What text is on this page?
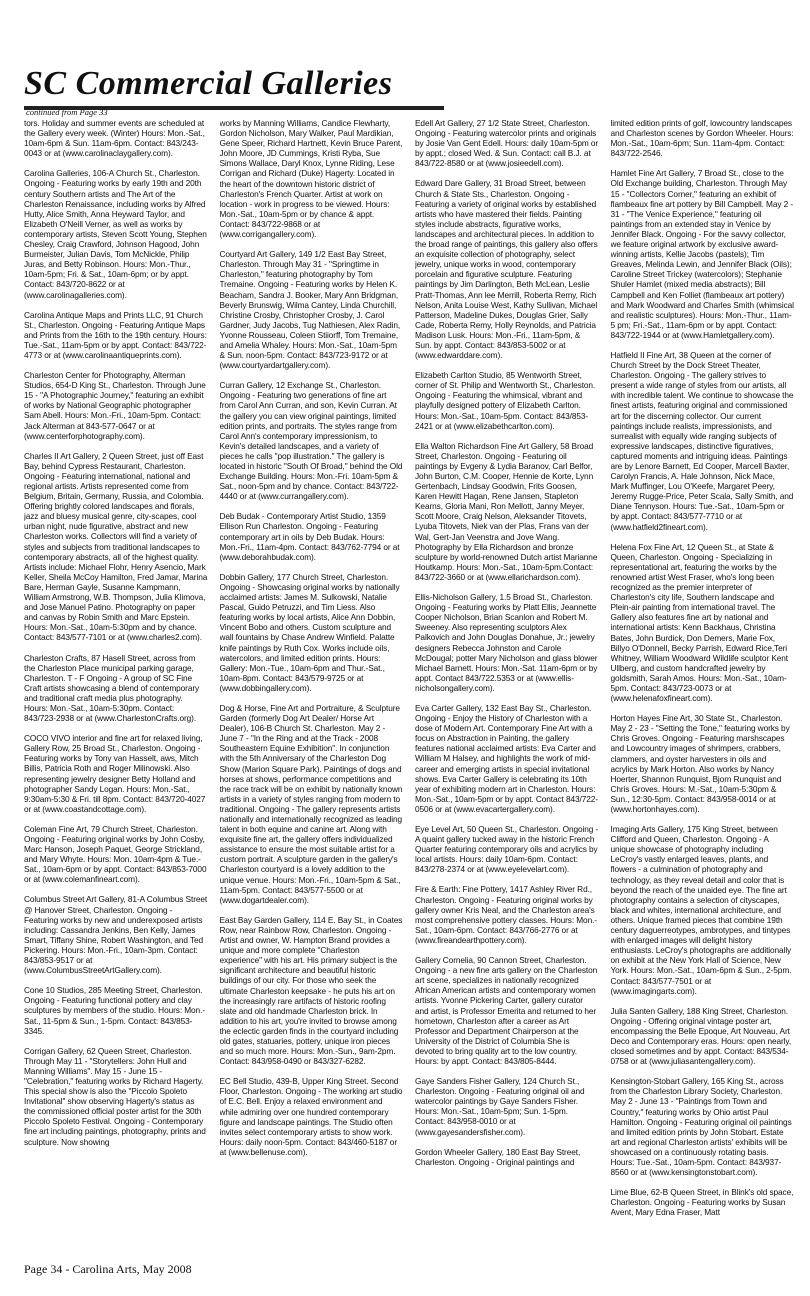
SC Commercial Galleries
continued from Page 33

tors. Holiday and summer events are scheduled at the Gallery every week. (Winter) Hours: Mon.-Sat., 10am-6pm & Sun. 11am-6pm. Contact: 843/243-0043 or at (www.carolinaclaygallery.com).

Carolina Galleries, 106-A Church St., Charleston. Ongoing - Featuring works by early 19th and 20th century Southern artists and The Art of the Charleston Renaissance, including works by Alfred Hutty, Alice Smith, Anna Heyward Taylor, and Elizabeth O'Neill Verner, as well as works by contemporary artists, Steven Scott Young, Stephen Chesley, Craig Crawford, Johnson Hagood, John Burmeister, Julian Davis, Tom McNickle, Philip Juras, and Betty Robinson. Hours: Mon.-Thur., 10am-5pm; Fri. & Sat., 10am-6pm; or by appt. Contact: 843/720-8622 or at (www.carolinagalleries.com).

Carolina Antique Maps and Prints LLC, 91 Church St., Charleston. Ongoing - Featuring Antique Maps and Prints from the 16th to the 19th century. Hours: Tue.-Sat., 11am-5pm or by appt. Contact: 843/722-4773 or at (www.carolinaantiqueprints.com).

Charleston Center for Photography, Alterman Studios, 654-D King St., Charleston. Through June 15 - "A Photographic Journey," featuring an exhibit of works by National Geographic photographer Sam Abell. Hours: Mon.-Fri., 10am-5pm. Contact: Jack Alterman at 843-577-0647 or at (www.centerforphotography.com).

Charles II Art Gallery, 2 Queen Street, just off East Bay, behind Cypress Restaurant, Charleston. Ongoing - Featuring international, national and regional artists. Artists represented come from Belgium, Britain, Germany, Russia, and Colombia. Offering brightly colored landscapes and florals, jazz and bluesy musical genre, city-scapes, cool urban night, nude figurative, abstract and new Charleston works. Collectors will find a variety of styles and subjects from traditional landscapes to contemporary abstracts, all of the highest quality. Artists include: Michael Flohr, Henry Asencio, Mark Keller, Sheila McCoy Hamilton, Fred Jamar, Marina Bare, Herman Gayle, Susanne Kampmann, William Armstrong, W.B. Thompson, Julia Klimova, and Jose Manuel Patino. Photography on paper and canvas by Robin Smith and Marc Epstein. Hours: Mon.-Sat., 10am-5:30pm and by chance. Contact: 843/577-7101 or at (www.charles2.com).

Charleston Crafts, 87 Hasell Street, across from the Charleston Place municipal parking garage, Charleston. T - F Ongoing - A group of SC Fine Craft artists showcasing a blend of contemporary and traditional craft media plus photography. Hours: Mon.-Sat., 10am-5:30pm. Contact: 843/723-2938 or at (www.CharlestonCrafts.org).

COCO VIVO interior and fine art for relaxed living, Gallery Row, 25 Broad St., Charleston. Ongoing - Featuring works by Tony van Hasselt, aws, Mitch Billis, Patricia Roth and Roger Milinowski. Also representing jewelry designer Betty Holland and photographer Sandy Logan. Hours: Mon.-Sat., 9:30am-5:30 & Fri. till 8pm. Contact: 843/720-4027 or at (www.coastandcottage.com).

Coleman Fine Art, 79 Church Street, Charleston. Ongoing - Featuring original works by John Cosby, Marc Hanson, Joseph Paquet, George Strickland, and Mary Whyte. Hours: Mon. 10am-4pm & Tue.-Sat., 10am-6pm or by appt. Contact: 843/853-7000 or at (www.colemanfineart.com).

Columbus Street Art Gallery, 81-A Columbus Street @ Hanover Street, Charleston. Ongoing - Featuring works by new and underexposed artists including: Cassandra Jenkins, Ben Kelly, James Smart, Tiffany Shine, Robert Washington, and Ted Pickering. Hours: Mon.-Fri., 10am-3pm. Contact: 843/853-9517 or at (www.ColumbusStreetArtGallery.com).

Cone 10 Studios, 285 Meeting Street, Charleston. Ongoing - Featuring functional pottery and clay sculptures by members of the studio. Hours: Mon.-Sat., 11-5pm & Sun., 1-5pm. Contact: 843/853-3345.

Corrigan Gallery, 62 Queen Street, Charleston. Through May 11 - "Storytellers: John Hull and Manning Williams". May 15 - June 15 - "Celebration," featuring works by Richard Hagerty. This special show is also the "Piccolo Spoleto Invitational" show observing Hagerty's status as the commissioned official poster artist for the 30th Piccolo Spoleto Festival. Ongoing - Contemporary fine art including paintings, photography, prints and sculpture. Now showing

works by Manning Williams, Candice Flewharty, Gordon Nicholson, Mary Walker, Paul Mardikian, Gene Speer, Richard Hartnett, Kevin Bruce Parent, John Moore, JD Cummings, Kristi Ryba, Sue Simons Wallace, Daryl Knox, Lynne Riding, Lese Corrigan and Richard (Duke) Hagerty. Located in the heart of the downtown historic district of Charleston's French Quarter. Artist at work on location - work in progress to be viewed. Hours: Mon.-Sat., 10am-5pm or by chance & appt. Contact: 843/722-9868 or at (www.corrigangallery.com).

Courtyard Art Gallery, 149 1/2 East Bay Street, Charleston. Through May 31 - "Springtime in Charleston," featuring photography by Tom Tremaine. Ongoing - Featuring works by Helen K. Beacham, Sandra J. Booker, Mary Ann Bridgman, Beverly Brunswig, Wilma Cantey, Linda Churchill, Christine Crosby, Christopher Crosby, J. Carol Gardner, Judy Jacobs, Tug Nathiesen, Alex Radin, Yvonne Rousseau, Coleen Stiiorff, Tom Tremaine, and Amelia Whaley. Hours: Mon.-Sat., 10am-5pm & Sun. noon-5pm. Contact: 843/723-9172 or at (www.courtyardartgallery.com).

Curran Gallery, 12 Exchange St., Charleston. Ongoing - Featuring two generations of fine art from Carol Ann Curran, and son, Kevin Curran. At the gallery you can view original paintings, limited edition prints, and portraits. The styles range from Carol Ann's contemporary impressionism, to Kevin's detailed landscapes, and a variety of pieces he calls "pop illustration." The gallery is located in historic "South Of Broad," behind the Old Exchange Building. Hours: Mon.-Fri. 10am-5pm & Sat., noon-5pm and by chance. Contact: 843/722-4440 or at (www.currangallery.com).

Deb Budak - Contemporary Artist Studio, 1359 Ellison Run Charleston. Ongoing - Featuring contemporary art in oils by Deb Budak. Hours: Mon.-Fri., 11am-4pm. Contact: 843/762-7794 or at (www.deborahbudak.com).

Dobbin Gallery, 177 Church Street, Charleston. Ongoing - Showcasing original works by nationally acclaimed artists: James M. Sulkowski, Natalie Pascal, Guido Petruzzi, and Tim Liess. Also featuring works by local artists, Alice Ann Dobbin, Vincent Bobo and others. Custom sculpture and wall fountains by Chase Andrew Winfield. Palatte knife paintings by Ruth Cox. Works include oils, watercolors, and limited edition prints. Hours: Gallery: Mon.-Tue., 10am-6pm and Thur.-Sat., 10am-8pm. Contact: 843/579-9725 or at (www.dobbingallery.com).

Dog & Horse, Fine Art and Portraiture, & Sculpture Garden (formerly Dog Art Dealer/ Horse Art Dealer), 106-B Church St. Charleston. May 2 - June 7 - "In the Ring and at the Track - 2008 Southeastern Equine Exhibition". In conjunction with the 5th Anniversary of the Charleston Dog Show (Marion Square Park). Paintings of dogs and horses at shows, performance competitions and the race track will be on exhibit by nationally known artists in a variety of styles ranging from modern to traditional. Ongoing - The gallery represents artists nationally and internationally recognized as leading talent in both equine and canine art. Along with exquisite fine art, the gallery offers individualized assistance to ensure the most suitable artist for a custom portrait. A sculpture garden in the gallery's Charleston courtyard is a lovely addition to the unique venue. Hours: Mon.-Fri., 10am-5pm & Sat., 11am-5pm. Contact: 843/577-5500 or at (www.dogartdealer.com).

East Bay Garden Gallery, 114 E. Bay St., in Coates Row, near Rainbow Row, Charleston. Ongoing - Artist and owner, W. Hampton Brand provides a unique and more complete "Charleston experience" with his art. His primary subject is the significant architecture and beautiful historic buildings of our city. For those who seek the ultimate Charleston keepsake - he puts his art on the increasingly rare artifacts of historic roofing slate and old handmade Charleston brick. In addition to his art, you're invited to browse among the eclectic garden finds in the courtyard including old gates, statuaries, pottery, unique iron pieces and so much more. Hours: Mon.-Sun., 9am-2pm. Contact: 843/958-0490 or 843/327-6282.

EC Bell Studio, 439-B, Upper King Street. Second Floor, Charleston. Ongoing - The working art studio of E.C. Bell. Enjoy a relaxed environment and while admiring over one hundred contemporary figure and landscape paintings. The Studio often invites select contemporary artists to show work. Hours: daily noon-5pm. Contact: 843/460-5187 or at (www.bellenuse.com).

Edell Art Gallery, 27 1/2 State Street, Charleston. Ongoing - Featuring watercolor prints and originals by Josie Van Gent Edell. Hours: daily 10am-5pm or by appt.; closed Wed. & Sun. Contact: call B.J. at 843/722-8580 or at (www.josieedell.com).

Edward Dare Gallery, 31 Broad Street, between Church & State Sts., Charleston. Ongoing - Featuring a variety of original works by established artists who have mastered their fields. Painting styles include abstracts, figurative works, landscapes and architectural pieces. In addition to the broad range of paintings, this gallery also offers an exquisite collection of photography, select jewelry, unique works in wood, contemporary porcelain and figurative sculpture. Featuring paintings by Jim Darlington, Beth McLean, Leslie Pratt-Thomas, Ann lee Merrill, Roberta Remy, Rich Nelson, Anita Louise West, Kathy Sullivan, Michael Patterson, Madeline Dukes, Douglas Grier, Sally Cade, Roberta Remy, Holly Reynolds, and Patricia Madison Lusk. Hours: Mon.-Fri., 11am-5pm, & Sun. by appt. Contact: 843/853-5002 or at (www.edwarddare.com).

Elizabeth Carlton Studio, 85 Wentworth Street, corner of St. Philip and Wentworth St., Charleston. Ongoing - Featuring the whimsical, vibrant and playfully designed pottery of Elizabeth Carlton. Hours: Mon.-Sat., 10am-5pm. Contact: 843/853-2421 or at (www.elizabethcarlton.com).

Ella Walton Richardson Fine Art Gallery, 58 Broad Street, Charleston. Ongoing - Featuring oil paintings by Evgeny & Lydia Baranov, Carl Belfor, John Burton, C.M. Cooper, Hennie de Korte, Lynn Gertenbach, Lindsay Goodwin, Frits Goosen, Karen Hewitt Hagan, Rene Jansen, Stapleton Kearns, Gloria Mani, Ron Mellott, Janny Meyer, Scott Moore, Craig Nelson, Aleksander Titovets, Lyuba Titovets, Niek van der Plas, Frans van der Wal, Gert-Jan Veenstra and Jove Wang. Photography by Ella Richardson and bronze sculpture by world-renowned Dutch artist Marianne Houtkamp. Hours: Mon.-Sat., 10am-5pm.Contact: 843/722-3660 or at (www.ellarichardson.com).

Ellis-Nicholson Gallery, 1.5 Broad St., Charleston. Ongoing - Featuring works by Platt Ellis, Jeannette Cooper Nicholson, Brian Scanlon and Robert M. Sweeney. Also representing sculptors Alex Palkovich and John Douglas Donahue, Jr.; jewelry designers Rebecca Johnston and Carole McDougal; potter Mary Nicholson and glass blower Michael Barnett. Hours: Mon.-Sat. 11am-6pm or by appt. Contact 843/722.5353 or at (www.ellis-nicholsongallery.com).

Eva Carter Gallery, 132 East Bay St., Charleston. Ongoing - Enjoy the History of Charleston with a dose of Modern Art. Contemporary Fine Art with a focus on Abstraction in Painting, the gallery features national acclaimed artists: Eva Carter and William M Halsey, and highlights the work of mid-career and emerging artists in special invitational shows. Eva Carter Gallery is celebrating its 10th year of exhibiting modern art in Charleston. Hours: Mon.-Sat., 10am-5pm or by appt. Contact 843/722-0506 or at (www.evacartergallery.com).

Eye Level Art, 50 Queen St., Charleston. Ongoing - A quaint gallery tucked away in the historic French Quarter featuring contemporary oils and acrylics by local artists. Hours: daily 10am-6pm. Contact: 843/278-2374 or at (www.eyelevelart.com).

Fire & Earth: Fine Pottery, 1417 Ashley River Rd., Charleston. Ongoing - Featuring original works by gallery owner Kris Neal, and the Charleston area's most comprehensive pottery classes. Hours: Mon.-Sat., 10am-6pm. Contact: 843/766-2776 or at (www.fireandearthpottery.com).

Gallery Cornelia, 90 Cannon Street, Charleston. Ongoing - a new fine arts gallery on the Charleston art scene, specializes in nationally recognized African American artists and contemporary women artists. Yvonne Pickering Carter, gallery curator and artist, is Professor Emerita and returned to her hometown, Charleston after a career as Art Professor and Department Chairperson at the University of the District of Columbia She is devoted to bring quality art to the low country. Hours: by appt. Contact: 843/805-8444.

Gaye Sanders Fisher Gallery, 124 Church St., Charleston. Ongoing - Featuring original oil and watercolor paintings by Gaye Sanders Fisher. Hours: Mon.-Sat., 10am-5pm; Sun. 1-5pm. Contact: 843/958-0010 or at (www.gayesandersfisher.com).

Gordon Wheeler Gallery, 180 East Bay Street, Charleston. Ongoing - Original paintings and

limited edition prints of golf, lowcountry landscapes and Charleston scenes by Gordon Wheeler. Hours: Mon.-Sat., 10am-6pm; Sun. 11am-4pm. Contact: 843/722-2546.

Hamlet Fine Art Gallery, 7 Broad St., close to the Old Exchange building, Charleston. Through May 15 - "Collectors Corner," featuring an exhibit of flambeaux fine art pottery by Bill Campbell. May 2 - 31 - "The Venice Experience," featuring oil paintings from an extended stay in Venice by Jennifer Black. Ongoing - For the savvy collector, we feature original artwork by exclusive award-winning artists, Kellie Jacobs (pastels); Tim Greaves, Melinda Lewin, and Jennifer Black (Oils); Caroline Street Trickey (watercolors); Stephanie Shuler Hamlet (mixed media abstracts); Bill Campbell and Ken Folliet (flambeaux art pottery) and Mark Woodward and Charles Smith (whimsical and realistic sculptures). Hours: Mon.-Thur., 11am-5 pm; Fri.-Sat., 11am-6pm or by appt. Contact: 843/722-1944 or at (www.Hamletgallery.com).

Hatfield II Fine Art, 38 Queen at the corner of Church Street by the Dock Street Theater, Charleston. Ongoing - The gallery strives to present a wide range of styles from our artists, all with incredible talent. We continue to showcase the finest artists, featuring original and commissioned art for the discerning collector. Our current paintings include realists, impressionists, and surrealist with equally wide ranging subjects of expressive landscapes, distinctive figuratives, captured moments and intriguing ideas. Paintings are by Lenore Barnett, Ed Cooper, Marcell Baxter, Carolyn Francis, A. Hale Johnson, Nick Mace, Mark Muffinger, Lou O'Keefe, Margaret Peery, Jeremy Rugge-Price, Peter Scala, Sally Smith, and Diane Tennyson. Hours: Tue.-Sat., 10am-5pm or by appt. Contact: 843/577-7710 or at (www.hatfield2fineart.com).

Helena Fox Fine Art, 12 Queen St., at State & Queen, Charleston. Ongoing - Specializing in representational art, featuring the works by the renowned artist West Fraser, who's long been recognized as the premier interpreter of Charleston's city life, Southern landscape and Plein-air painting from international travel. The Gallery also features fine art by national and international artists: Kenn Backhaus, Christina Bates, John Burdick, Don Demers, Marie Fox, Billyo O'Donnell, Becky Parrish, Edward Rice,Teri Whitney, William Woodward Wildlife sculptor Kent Ullberg, and custom handcrafted jewelry by goldsmith, Sarah Amos. Hours: Mon.-Sat., 10am-5pm. Contact: 843/723-0073 or at (www.helenafoxfineart.com).

Horton Hayes Fine Art, 30 State St., Charleston. May 2 - 23 - "Setting the Tone," featuring works by Chris Groves. Ongoing - Featuring marshscapes and Lowcountry images of shrimpers, crabbers, clammers, and oyster harvesters in oils and acrylics by Mark Horton. Also works by Nancy Hoerter, Shannon Runquist, Bjorn Runquist and Chris Groves. Hours: M.-Sat., 10am-5:30pm & Sun., 12:30-5pm. Contact: 843/958-0014 or at (www.hortonhayes.com).

Imaging Arts Gallery, 175 King Street, between Clifford and Queen, Charleston. Ongoing - A unique showcase of photography including LeCroy's vastly enlarged leaves, plants, and flowers - a culmination of photography and technology, as they reveal detail and color that is beyond the reach of the unaided eye. The fine art photography contains a selection of cityscapes, black and whites, international architecture, and others. Unique framed pieces that combine 19th century daguerreotypes, ambrotypes, and tintypes with enlarged images will delight history enthusiasts. LeCroy's photographs are additionally on exhibit at the New York Hall of Science, New York. Hours: Mon.-Sat., 10am-6pm & Sun., 2-5pm. Contact: 843/577-7501 or at (www.imagingarts.com).

Julia Santen Gallery, 188 King Street, Charleston. Ongoing - Offering original vintage poster art, encompassing the Belle Epoque, Art Nouveau, Art Deco and Contemporary eras. Hours: open nearly, closed sometimes and by appt. Contact: 843/534-0758 or at (www.juliasantengallery.com).

Kensington-Stobart Gallery, 165 King St., across from the Charleston Library Society, Charleston. May 2 - June 13 - "Paintings from Town and Country," featuring works by Ohio artist Paul Hamilton. Ongoing - Featuring original oil paintings and limited edition prints by John Stobart. Estate art and regional Charleston artists' exhibits will be showcased on a continuously rotating basis. Hours: Tue.-Sat., 10am-5pm. Contact: 843/937-8560 or at (www.kensingtonstobart.com).

Lime Blue, 62-B Queen Street, in Blink's old space, Charleston. Ongoing - Featuring works by Susan Avent, Mary Edna Fraser, Matt

Page 34 - Carolina Arts, May 2008
